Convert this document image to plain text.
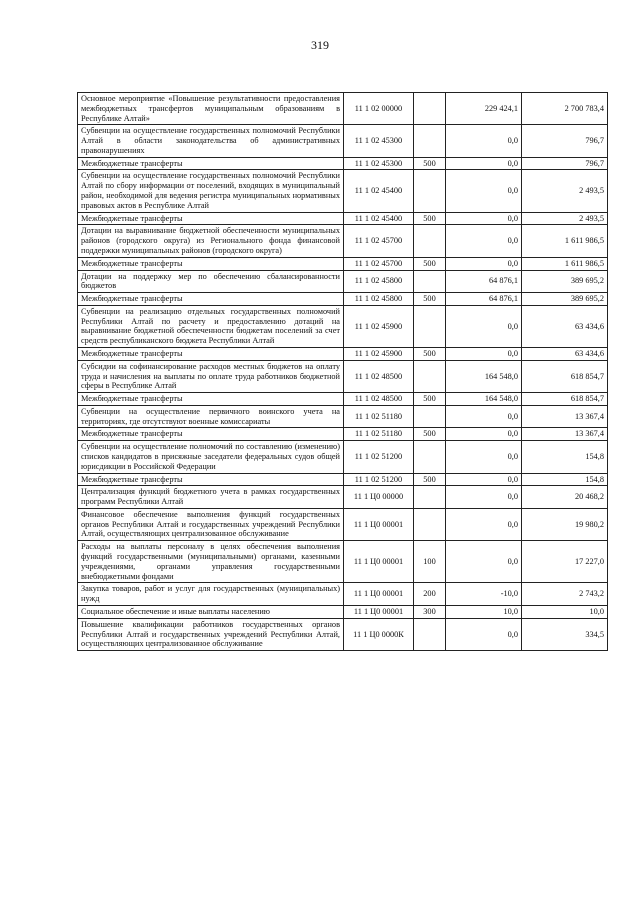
319
Основное мероприятие «Повышение результативности предоставления межбюджетных трансфертов муниципальным образованиям в Республике Алтай»	11 1 02 00000		229 424,1	2 700 783,4
Субвенции на осуществление государственных полномочий Республики Алтай в области законодательства об административных правонарушениях	11 1 02 45300		0,0	796,7
Межбюджетные трансферты	11 1 02 45300	500	0,0	796,7
Субвенции на осуществление государственных полномочий Республики Алтай по сбору информации от поселений, входящих в муниципальный район, необходимой для ведения регистра муниципальных нормативных правовых актов в Республике Алтай	11 1 02 45400		0,0	2 493,5
Межбюджетные трансферты	11 1 02 45400	500	0,0	2 493,5
Дотации на выравнивание бюджетной обеспеченности муниципальных районов (городского округа) из Регионального фонда финансовой поддержки муниципальных районов (городского округа)	11 1 02 45700		0,0	1 611 986,5
Межбюджетные трансферты	11 1 02 45700	500	0,0	1 611 986,5
Дотации на поддержку мер по обеспечению сбалансированности бюджетов	11 1 02 45800		64 876,1	389 695,2
Межбюджетные трансферты	11 1 02 45800	500	64 876,1	389 695,2
Субвенции на реализацию отдельных государственных полномочий Республики Алтай по расчету и предоставлению дотаций на выравнивание бюджетной обеспеченности бюджетам поселений за счет средств республиканского бюджета Республики Алтай	11 1 02 45900		0,0	63 434,6
Межбюджетные трансферты	11 1 02 45900	500	0,0	63 434,6
Субсидии на софинансирование расходов местных бюджетов на оплату труда и начисления на выплаты по оплате труда работников бюджетной сферы в Республике Алтай	11 1 02 48500		164 548,0	618 854,7
Межбюджетные трансферты	11 1 02 48500	500	164 548,0	618 854,7
Субвенции на осуществление первичного воинского учета на территориях, где отсутствуют военные комиссариаты	11 1 02 51180		0,0	13 367,4
Межбюджетные трансферты	11 1 02 51180	500	0,0	13 367,4
Субвенции на осуществление полномочий по составлению (изменению) списков кандидатов в присяжные заседатели федеральных судов общей юрисдикции в Российской Федерации	11 1 02 51200		0,0	154,8
Межбюджетные трансферты	11 1 02 51200	500	0,0	154,8
Централизация функций бюджетного учета в рамках государственных программ Республики Алтай	11 1 Ц0 00000		0,0	20 468,2
Финансовое обеспечение выполнения функций государственных органов Республики Алтай и государственных учреждений Республики Алтай, осуществляющих централизованное обслуживание	11 1 Ц0 00001		0,0	19 980,2
Расходы на выплаты персоналу в целях обеспечения выполнения функций государственными (муниципальными) органами, казенными учреждениями, органами управления государственными внебюджетными фондами	11 1 Ц0 00001	100	0,0	17 227,0
Закупка товаров, работ и услуг для государственных (муниципальных) нужд	11 1 Ц0 00001	200	-10,0	2 743,2
Социальное обеспечение и иные выплаты населению	11 1 Ц0 00001	300	10,0	10,0
Повышение квалификации работников государственных органов Республики Алтай и государственных учреждений Республики Алтай, осуществляющих централизованное обслуживание	11 1 Ц0 0000К		0,0	334,5
